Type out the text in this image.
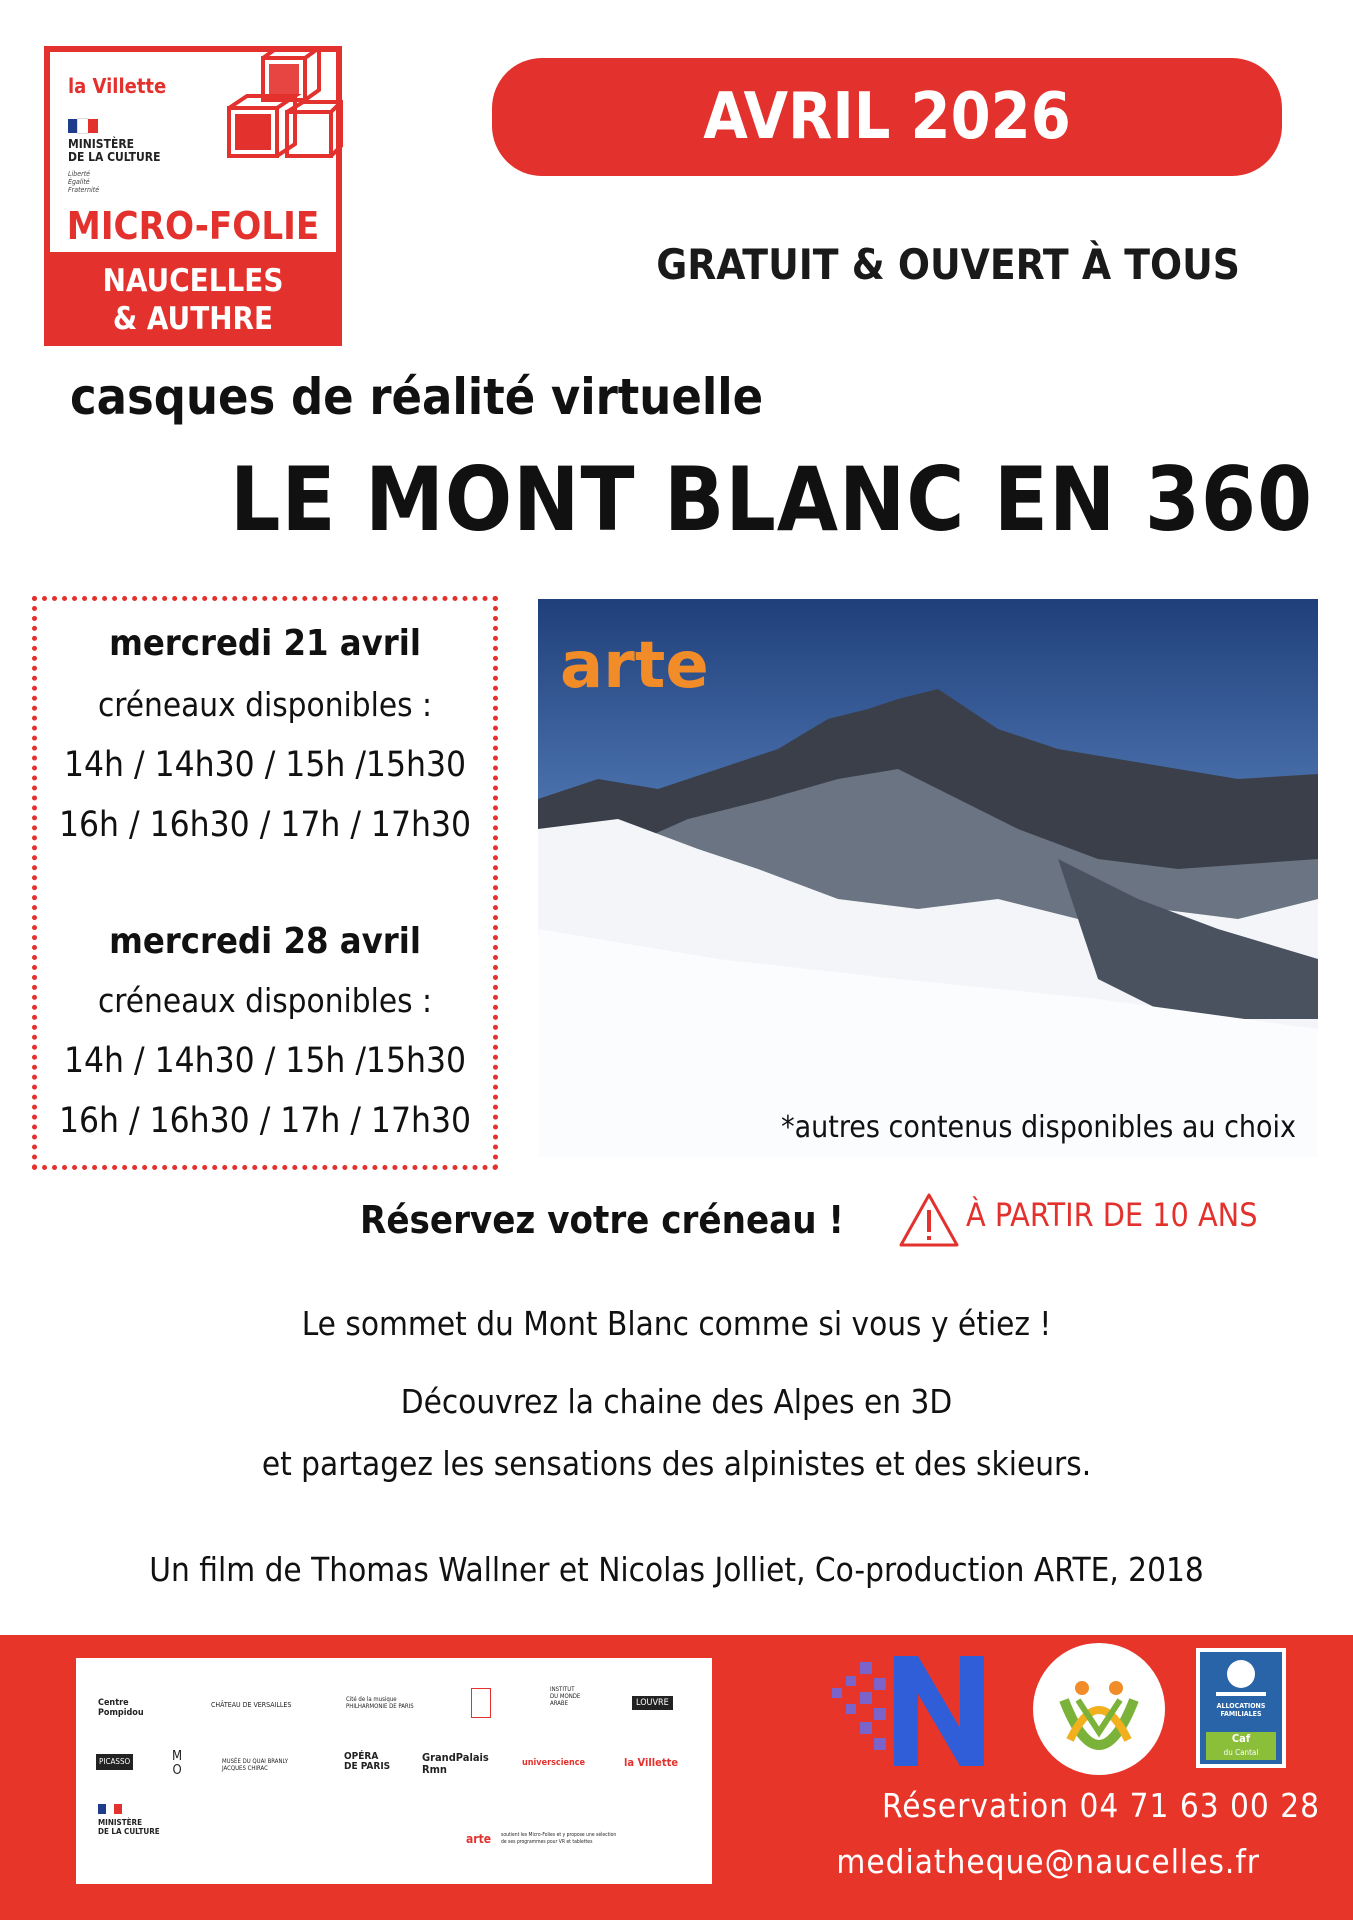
la Villette
MINISTÈRE
DE LA CULTURE
Liberté
Égalité
Fraternité
MICRO-FOLIE
NAUCELLES
& AUTHRE
AVRIL 2026
GRATUIT & OUVERT À TOUS
casques de réalité virtuelle
LE MONT BLANC EN 360
mercredi 21 avril
créneaux disponibles :
14h / 14h30 / 15h /15h30
16h / 16h30 / 17h / 17h30
mercredi 28 avril
créneaux disponibles :
14h / 14h30 / 15h /15h30
16h / 16h30 / 17h / 17h30
arte
*autres contenus disponibles au choix
Réservez votre créneau !	À PARTIR DE 10 ANS
Le sommet du Mont Blanc comme si vous y étiez !
Découvrez la chaine des Alpes en 3D
et partagez les sensations des alpinistes et des skieurs.
Un film de Thomas Wallner et Nicolas Jolliet, Co-production ARTE, 2018
Centre
Pompidou
CHÂTEAU DE VERSAILLES
Cité de la musique
PHILHARMONIE DE PARIS
INSTITUT
DU MONDE
ARABE	LOUVRE
PICASSO	M
O
MUSÉE DU QUAI BRANLY
JACQUES CHIRAC
OPÉRA
DE PARIS
GrandPalais
Rmn	universcience	la Villette
MINISTÈRE
DE LA CULTURE
arte soutient les Micro-Folies et y propose une sélection
de ses programmes pour VR et tablettes
ALLOCATIONS
FAMILIALES
Caf
du Cantal
Réservation 04 71 63 00 28
mediatheque@naucelles.fr
